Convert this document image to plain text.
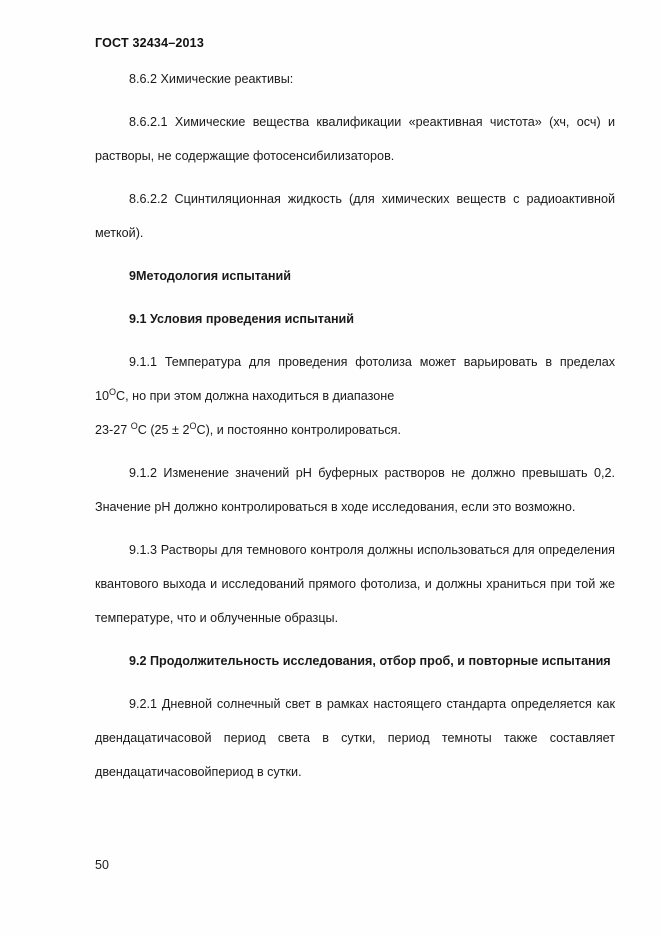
ГОСТ 32434–2013

8.6.2 Химические реактивы:

8.6.2.1 Химические вещества квалификации «реактивная чистота» (хч, осч) и растворы, не содержащие фотосенсибилизаторов.

8.6.2.2 Сцинтиляционная жидкость (для химических веществ с радиоактивной меткой).

9Методология испытаний

9.1 Условия проведения испытаний

9.1.1 Температура для проведения фотолиза может варьировать в пределах $10^OС$, но при этом должна находиться в диапазоне

23-27 $^O$С $(25 \pm 2^OС)$, и постоянно контролироваться.

9.1.2 Изменение значений рН буферных растворов не должно превышать 0,2. Значение рН должно контролироваться в ходе исследования, если это возможно.

9.1.3 Растворы для темнового контроля должны использоваться для определения квантового выхода и исследований прямого фотолиза, и должны храниться при той же температуре, что и облученные образцы.

9.2 Продолжительность исследования, отбор проб, и повторные испытания

9.2.1 Дневной солнечный свет в рамках настоящего стандарта определяется как двендацатичасовой период света в сутки, период темноты также составляет двендацатичасовойпериод в сутки.

50
